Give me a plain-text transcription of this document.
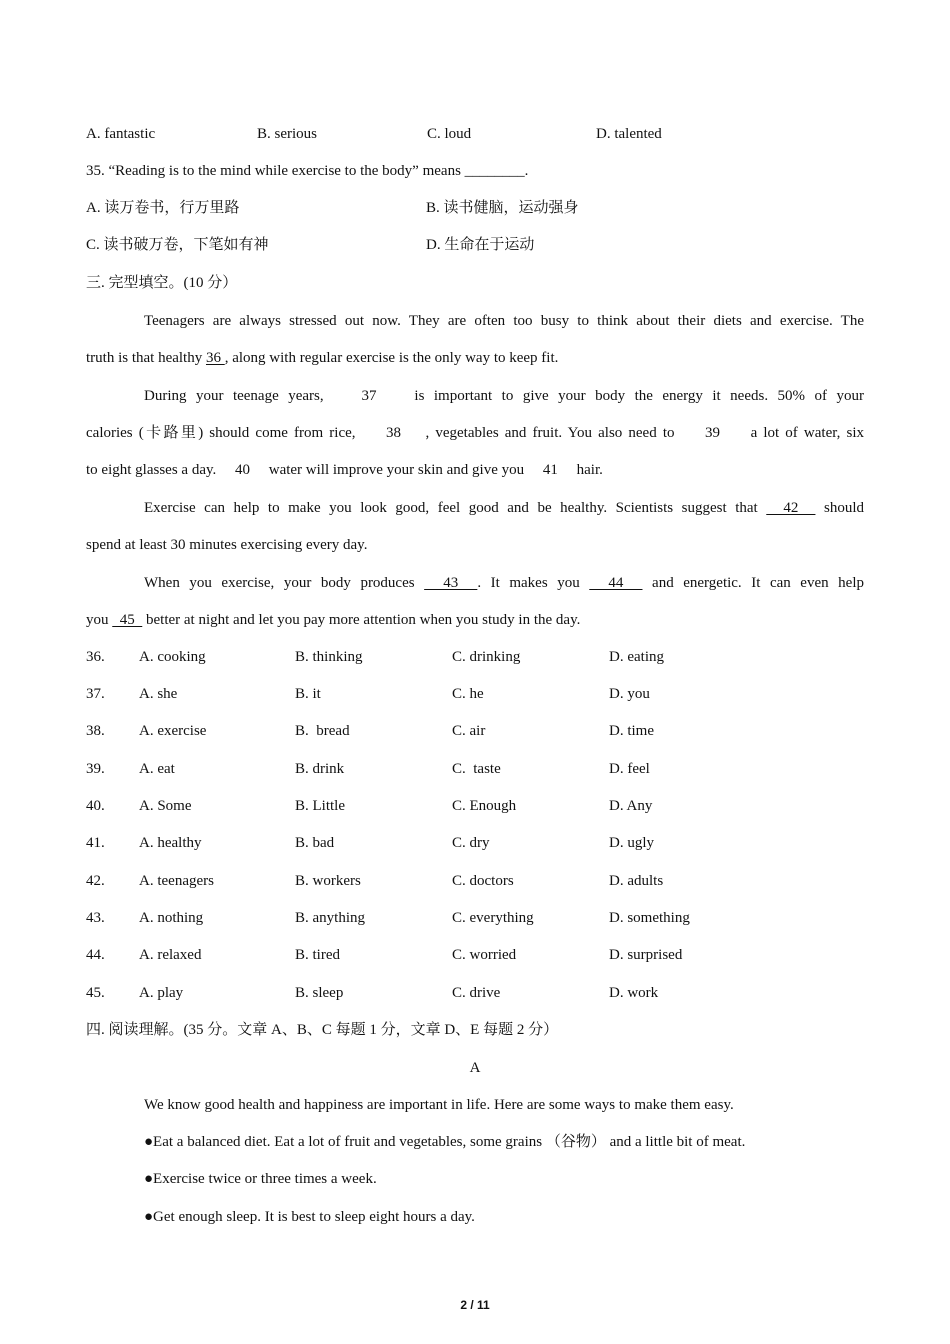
A. fantastic	B. serious	C. loud	D. talented
35. “Reading is to the mind while exercise to the body” means ________.
A. 读万卷书，行万里路	B. 读书健脑，运动强身
C. 读书破万卷，下笔如有神	D. 生命在于运动
三. 完型填空。(10 分）
Teenagers are always stressed out now. They are often too busy to think about their diets and exercise. The
truth is that healthy 36 , along with regular exercise is the only way to keep fit.
During your teenage years,    37    is important to give your body the energy it needs. 50% of your
calories (卡路里) should come from rice,     38    , vegetables and fruit. You also need to     39     a lot of water, six
to eight glasses a day.     40     water will improve your skin and give you     41     hair.
Exercise can help to make you look good, feel good and be healthy. Scientists suggest that   42   should
spend at least 30 minutes exercising every day.
When you exercise, your body produces   43  . It makes you   44   and energetic. It can even help
you   45   better at night and let you pay more attention when you study in the day.
36. A. cooking	B. thinking	C. drinking	D. eating
37. A. she	B. it	C. he	D. you
38. A. exercise	B.  bread	C. air	D. time
39. A. eat	B. drink	C.  taste	D. feel
40. A. Some	B. Little	C. Enough	D. Any
41. A. healthy	B. bad	C. dry	D. ugly
42. A. teenagers	B. workers	C. doctors	D. adults
43. A. nothing	B. anything	C. everything	D. something
44. A. relaxed	B. tired	C. worried	D. surprised
45. A. play	B. sleep	C. drive	D. work
四. 阅读理解。(35 分。文章 A、B、C 每题 1 分，文章 D、E 每题 2 分）
A
We know good health and happiness are important in life. Here are some ways to make them easy.
●Eat a balanced diet. Eat a lot of fruit and vegetables, some grains （谷物） and a little bit of meat.
●Exercise twice or three times a week.
●Get enough sleep. It is best to sleep eight hours a day.
2 / 11
